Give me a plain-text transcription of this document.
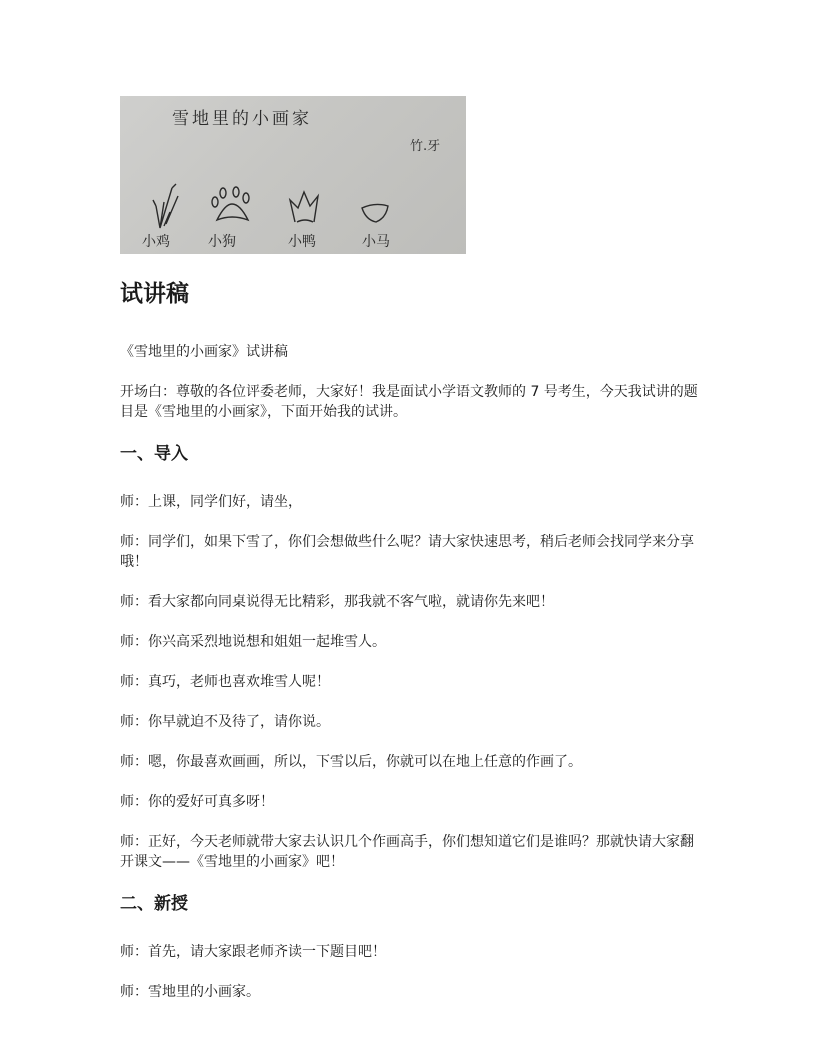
雪地里的小画家
竹.牙
小鸡	小狗	小鸭	小马
试讲稿

《雪地里的小画家》试讲稿

开场白：尊敬的各位评委老师，大家好！我是面试小学语文教师的 7 号考生，今天我试讲的题目是《雪地里的小画家》，下面开始我的试讲。

一、导入

师：上课，同学们好，请坐，

师：同学们，如果下雪了，你们会想做些什么呢？请大家快速思考，稍后老师会找同学来分享哦！

师：看大家都向同桌说得无比精彩，那我就不客气啦，就请你先来吧！

师：你兴高采烈地说想和姐姐一起堆雪人。

师：真巧，老师也喜欢堆雪人呢！

师：你早就迫不及待了，请你说。

师：嗯，你最喜欢画画，所以，下雪以后，你就可以在地上任意的作画了。

师：你的爱好可真多呀！

师：正好，今天老师就带大家去认识几个作画高手，你们想知道它们是谁吗？那就快请大家翻开课文——《雪地里的小画家》吧！

二、新授

师：首先，请大家跟老师齐读一下题目吧！

师：雪地里的小画家。
